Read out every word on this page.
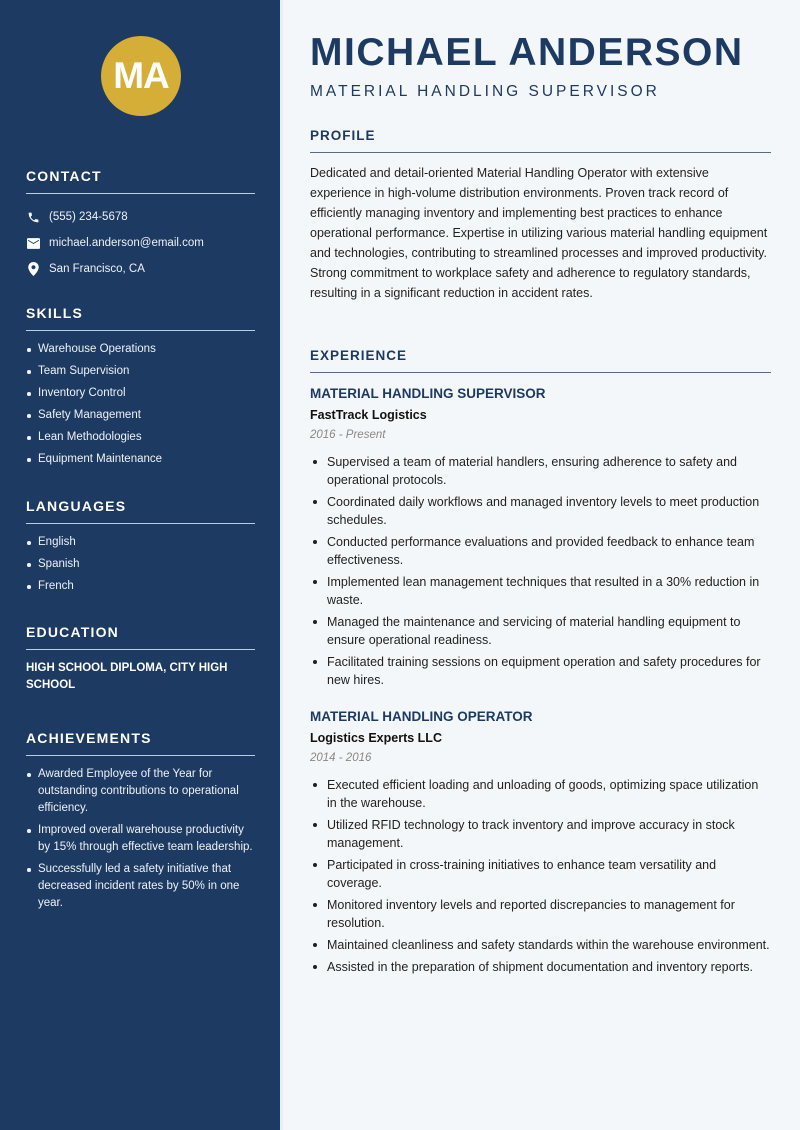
MA
CONTACT
(555) 234-5678
michael.anderson@email.com
San Francisco, CA
SKILLS
Warehouse Operations
Team Supervision
Inventory Control
Safety Management
Lean Methodologies
Equipment Maintenance
LANGUAGES
English
Spanish
French
EDUCATION
HIGH SCHOOL DIPLOMA, CITY HIGH SCHOOL
ACHIEVEMENTS
Awarded Employee of the Year for outstanding contributions to operational efficiency.
Improved overall warehouse productivity by 15% through effective team leadership.
Successfully led a safety initiative that decreased incident rates by 50% in one year.
MICHAEL ANDERSON
MATERIAL HANDLING SUPERVISOR
PROFILE

Dedicated and detail-oriented Material Handling Operator with extensive experience in high-volume distribution environments. Proven track record of efficiently managing inventory and implementing best practices to enhance operational performance. Expertise in utilizing various material handling equipment and technologies, contributing to streamlined processes and improved productivity. Strong commitment to workplace safety and adherence to regulatory standards, resulting in a significant reduction in accident rates.

EXPERIENCE
MATERIAL HANDLING SUPERVISOR
FastTrack Logistics
2016 - Present
Supervised a team of material handlers, ensuring adherence to safety and operational protocols.
Coordinated daily workflows and managed inventory levels to meet production schedules.
Conducted performance evaluations and provided feedback to enhance team effectiveness.
Implemented lean management techniques that resulted in a 30% reduction in waste.
Managed the maintenance and servicing of material handling equipment to ensure operational readiness.
Facilitated training sessions on equipment operation and safety procedures for new hires.
MATERIAL HANDLING OPERATOR
Logistics Experts LLC
2014 - 2016
Executed efficient loading and unloading of goods, optimizing space utilization in the warehouse.
Utilized RFID technology to track inventory and improve accuracy in stock management.
Participated in cross-training initiatives to enhance team versatility and coverage.
Monitored inventory levels and reported discrepancies to management for resolution.
Maintained cleanliness and safety standards within the warehouse environment.
Assisted in the preparation of shipment documentation and inventory reports.
